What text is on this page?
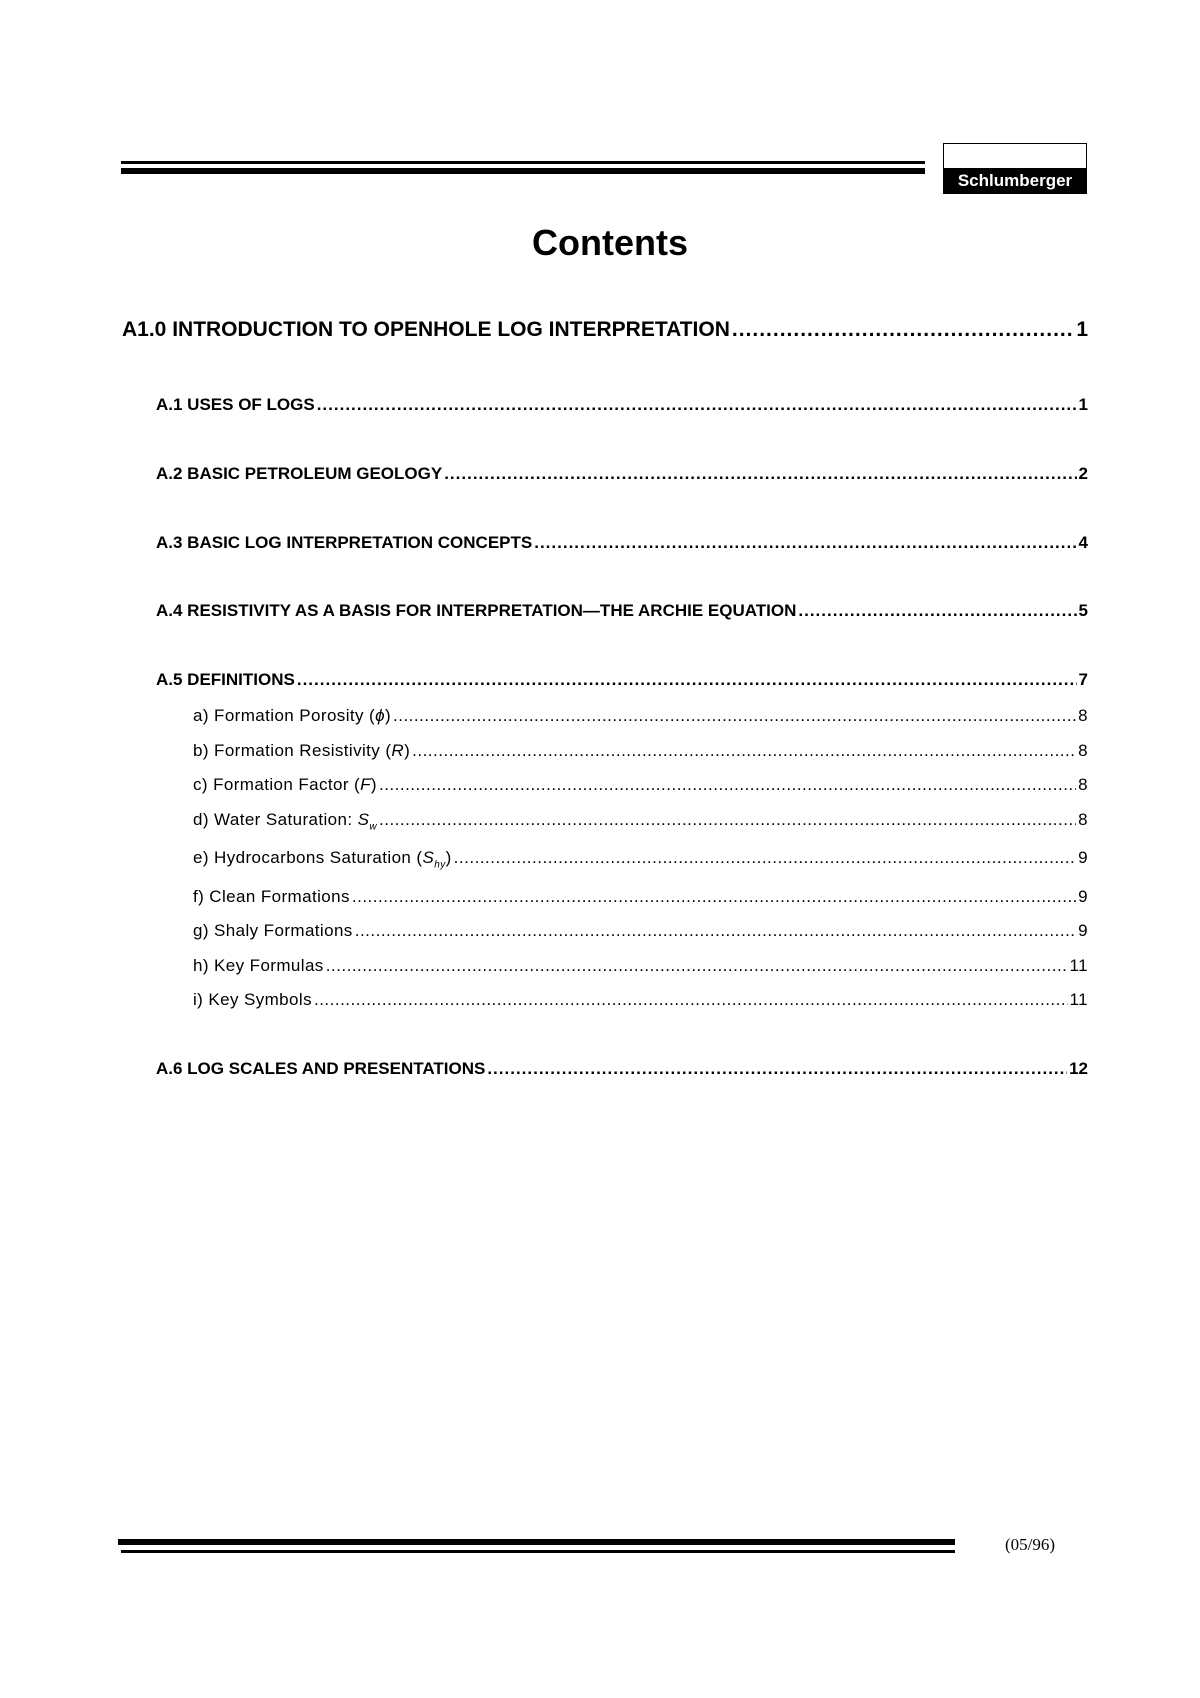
Schlumberger
Contents
A1.0 INTRODUCTION TO OPENHOLE LOG INTERPRETATION .....	1
A.1 USES OF LOGS .....	1
A.2 BASIC PETROLEUM GEOLOGY .....	2
A.3 BASIC LOG INTERPRETATION CONCEPTS .....	4
A.4 RESISTIVITY AS A BASIS FOR INTERPRETATION—THE ARCHIE EQUATION .....	5
A.5 DEFINITIONS .....	7
a) Formation Porosity (ϕ) .....	8
b) Formation Resistivity (R) .....	8
c) Formation Factor (F) .....	8
d) Water Saturation: $S_w$ .....	8
e) Hydrocarbons Saturation $(S_{hy})$ .....	9
f) Clean Formations .....	9
g) Shaly Formations .....	9
h) Key Formulas .....	11
i) Key Symbols .....	11
A.6 LOG SCALES AND PRESENTATIONS .....	12
(05/96)
